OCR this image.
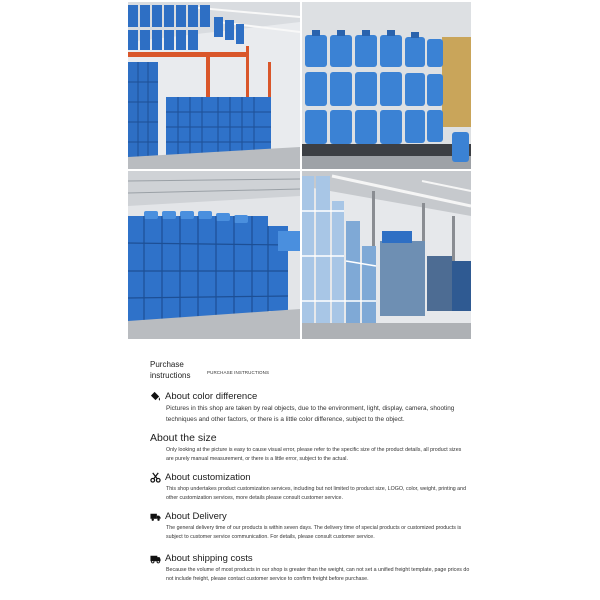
Purchase instructions	PURCHASE INSTRUCTIONS
About color difference
Pictures in this shop are taken by real objects, due to the environment, light, display, camera, shooting techniques and other factors, or there is a little color difference, subject to the object.
About the size
Only looking at the picture is easy to cause visual error, please refer to the specific size of the product details, all product sizes are purely manual measurement, or there is a little error, subject to the actual.
About customization
This shop undertakes product customization services, including but not limited to product size, LOGO, color, weight, printing and other customization services, more details please consult customer service.
About Delivery
The general delivery time of our products is within seven days. The delivery time of special products or customized products is subject to customer service communication. For details, please consult customer service.
About shipping costs
Because the volume of most products in our shop is greater than the weight, can not set a unified freight template, page prices do not include freight, please contact customer service to confirm freight before purchase.
